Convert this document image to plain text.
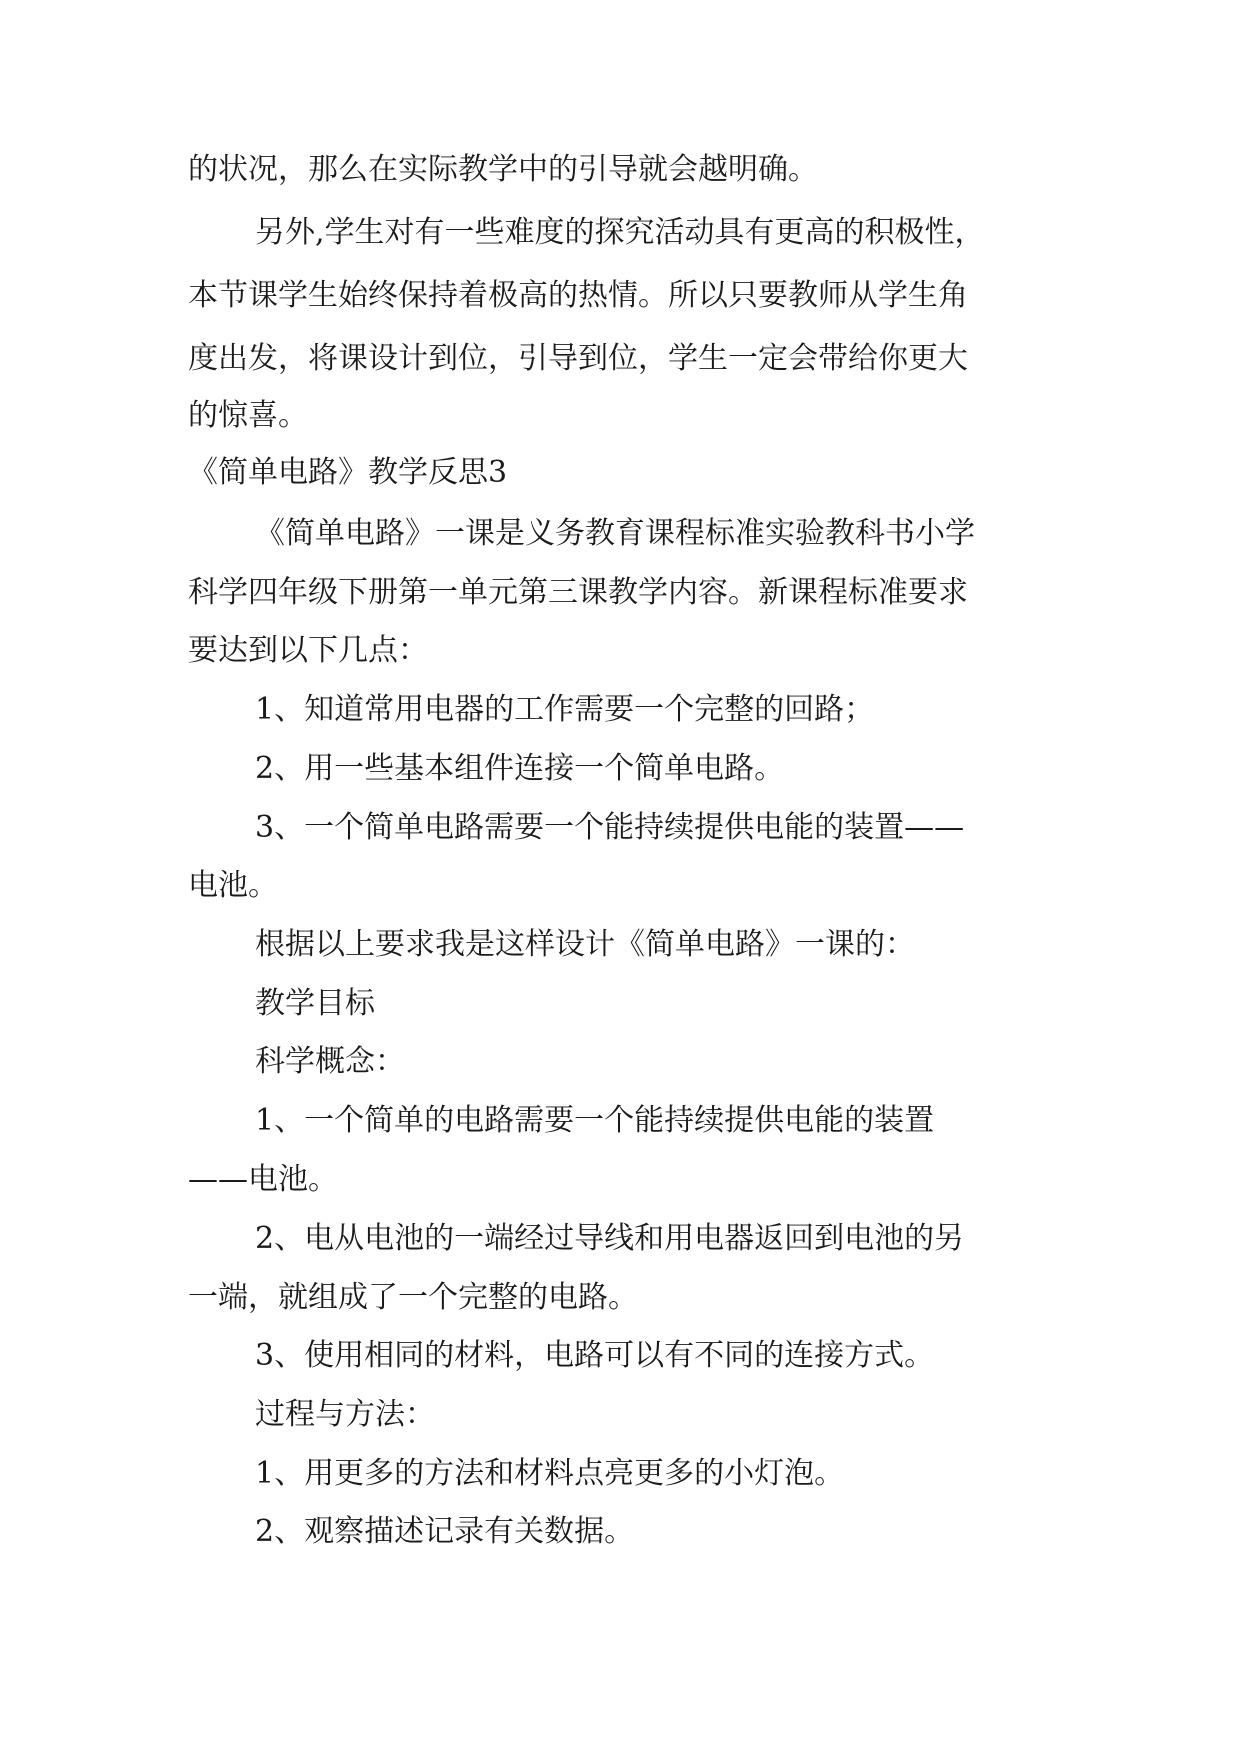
的状况，那么在实际教学中的引导就会越明确。
另外,学生对有一些难度的探究活动具有更高的积极性，
本节课学生始终保持着极高的热情。所以只要教师从学生角
度出发，将课设计到位，引导到位，学生一定会带给你更大
的惊喜。
《简单电路》教学反思3
《简单电路》一课是义务教育课程标准实验教科书小学
科学四年级下册第一单元第三课教学内容。新课程标准要求
要达到以下几点：
1、知道常用电器的工作需要一个完整的回路；
2、用一些基本组件连接一个简单电路。
3、一个简单电路需要一个能持续提供电能的装置——
电池。
根据以上要求我是这样设计《简单电路》一课的：
教学目标
科学概念：
1、一个简单的电路需要一个能持续提供电能的装置
——电池。
2、电从电池的一端经过导线和用电器返回到电池的另
一端，就组成了一个完整的电路。
3、使用相同的材料，电路可以有不同的连接方式。
过程与方法：
1、用更多的方法和材料点亮更多的小灯泡。
2、观察描述记录有关数据。
